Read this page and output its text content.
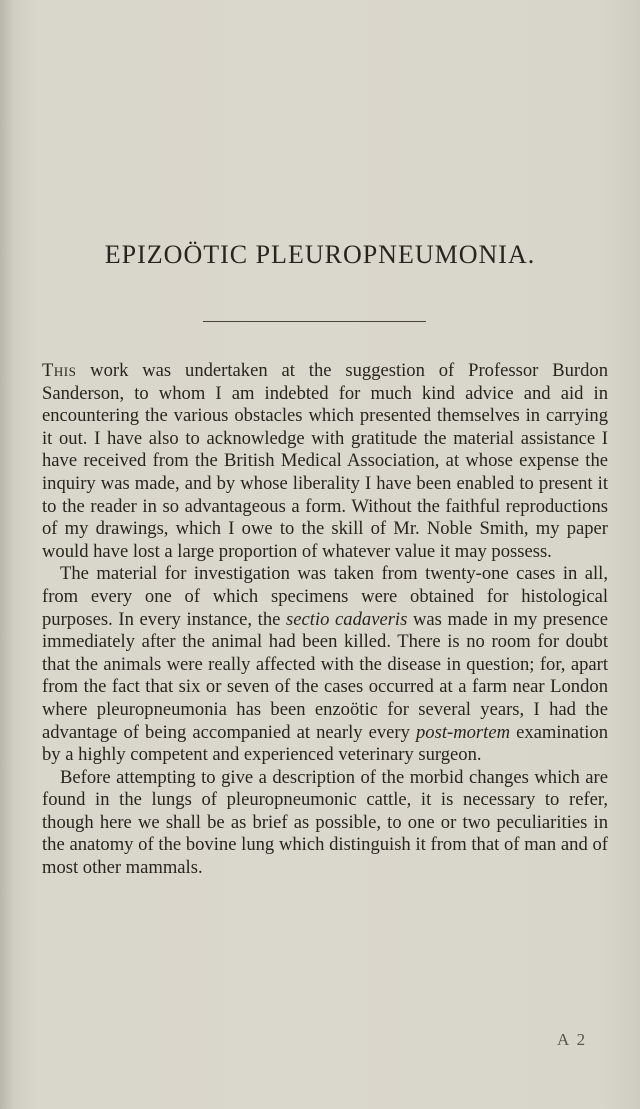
EPIZOÖTIC PLEUROPNEUMONIA.

This work was undertaken at the suggestion of Professor Burdon Sanderson, to whom I am indebted for much kind advice and aid in encountering the various obstacles which presented themselves in carrying it out. I have also to acknowledge with gratitude the material assistance I have received from the British Medical Association, at whose expense the inquiry was made, and by whose liberality I have been enabled to present it to the reader in so advantageous a form. Without the faithful reproductions of my drawings, which I owe to the skill of Mr. Noble Smith, my paper would have lost a large proportion of whatever value it may possess.

The material for investigation was taken from twenty-one cases in all, from every one of which specimens were obtained for histological purposes. In every instance, the sectio cadaveris was made in my presence immediately after the animal had been killed. There is no room for doubt that the animals were really affected with the disease in question; for, apart from the fact that six or seven of the cases occurred at a farm near London where pleuropneumonia has been enzoötic for several years, I had the advantage of being accompanied at nearly every post-mortem examination by a highly competent and experienced veterinary surgeon.

Before attempting to give a description of the morbid changes which are found in the lungs of pleuropneumonic cattle, it is necessary to refer, though here we shall be as brief as possible, to one or two peculiarities in the anatomy of the bovine lung which distinguish it from that of man and of most other mammals.

A 2
